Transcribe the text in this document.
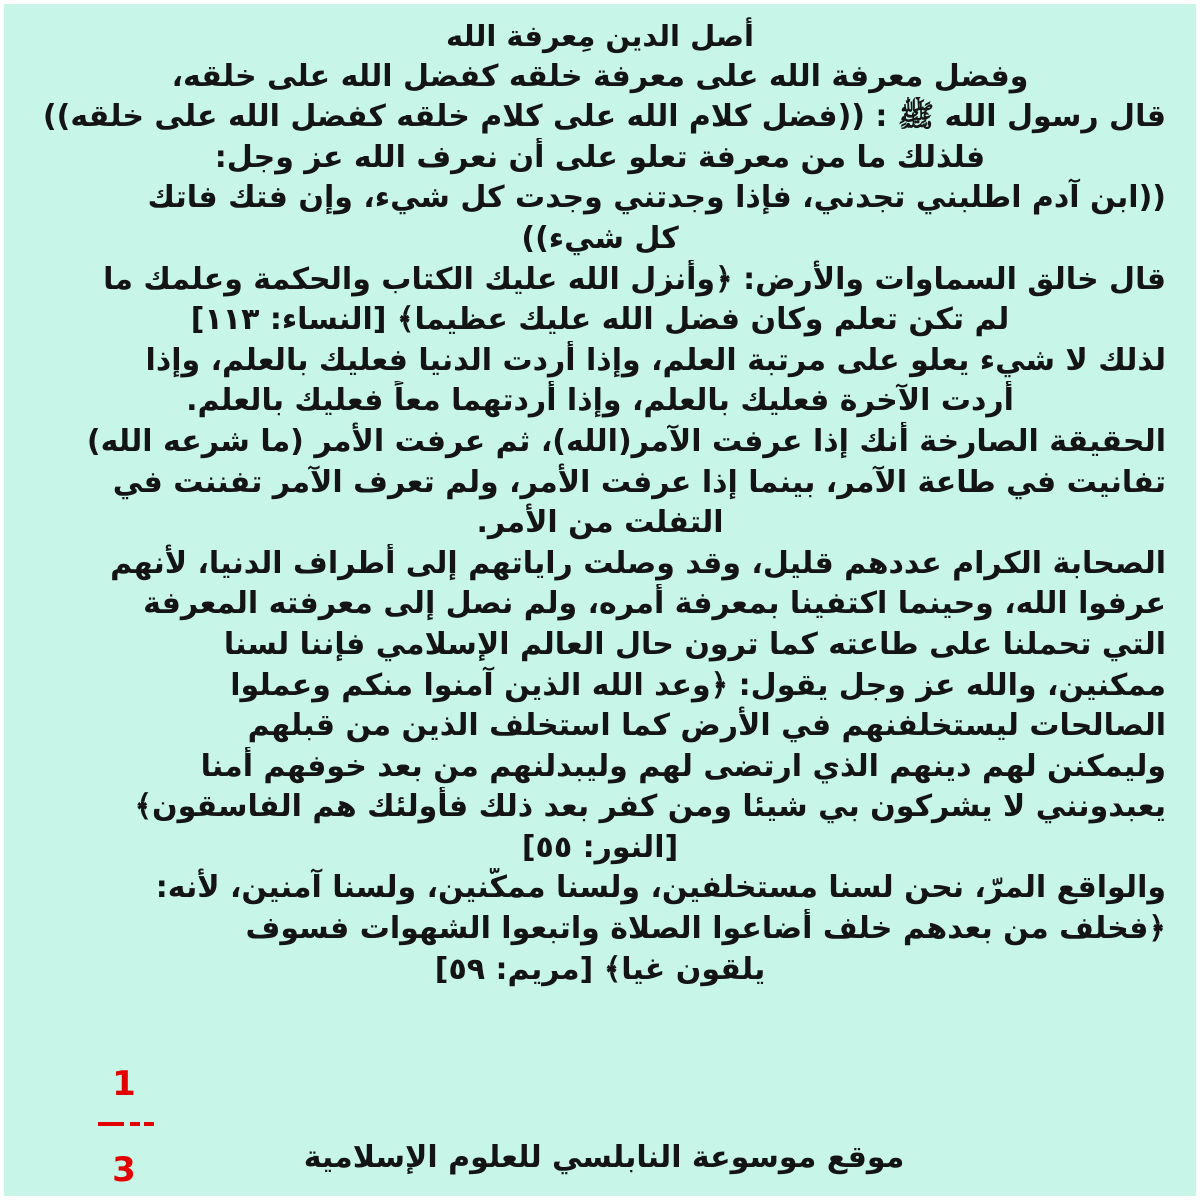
أصل الدين مِعرفة الله
وفضل معرفة الله على معرفة خلقه كفضل الله على خلقه،
قال رسول الله ﷺ : ((فضل كلام الله على كلام خلقه كفضل الله على خلقه))
فلذلك ما من معرفة تعلو على أن نعرف الله عز وجل:
((ابن آدم اطلبني تجدني، فإذا وجدتني وجدت كل شيء، وإن فتك فاتك
كل شيء))
قال خالق السماوات والأرض: ﴿وأنزل الله عليك الكتاب والحكمة وعلمك ما
لم تكن تعلم وكان فضل الله عليك عظيما﴾ [النساء: ١١٣]
لذلك لا شيء يعلو على مرتبة العلم، وإذا أردت الدنيا فعليك بالعلم، وإذا
أردت الآخرة فعليك بالعلم، وإذا أردتهما معاً فعليك بالعلم.
الحقيقة الصارخة أنك إذا عرفت الآمر(الله)، ثم عرفت الأمر (ما شرعه الله)
تفانيت في طاعة الآمر، بينما إذا عرفت الأمر، ولم تعرف الآمر تفننت في
التفلت من الأمر.
الصحابة الكرام عددهم قليل، وقد وصلت راياتهم إلى أطراف الدنيا، لأنهم
عرفوا الله، وحينما اكتفينا بمعرفة أمره، ولم نصل إلى معرفته المعرفة
التي تحملنا على طاعته كما ترون حال العالم الإسلامي فإننا لسنا
ممكنين، والله عز وجل يقول: ﴿وعد الله الذين آمنوا منكم وعملوا
الصالحات ليستخلفنهم في الأرض كما استخلف الذين من قبلهم
وليمكنن لهم دينهم الذي ارتضى لهم وليبدلنهم من بعد خوفهم أمنا
يعبدونني لا يشركون بي شيئا ومن كفر بعد ذلك فأولئك هم الفاسقون﴾
[النور: ٥٥]
والواقع المرّ، نحن لسنا مستخلفين، ولسنا ممكّنين، ولسنا آمنين، لأنه:
﴿فخلف من بعدهم خلف أضاعوا الصلاة واتبعوا الشهوات فسوف
يلقون غيا﴾ [مريم: ٥٩]
1
3	موقع موسوعة النابلسي للعلوم الإسلامية
